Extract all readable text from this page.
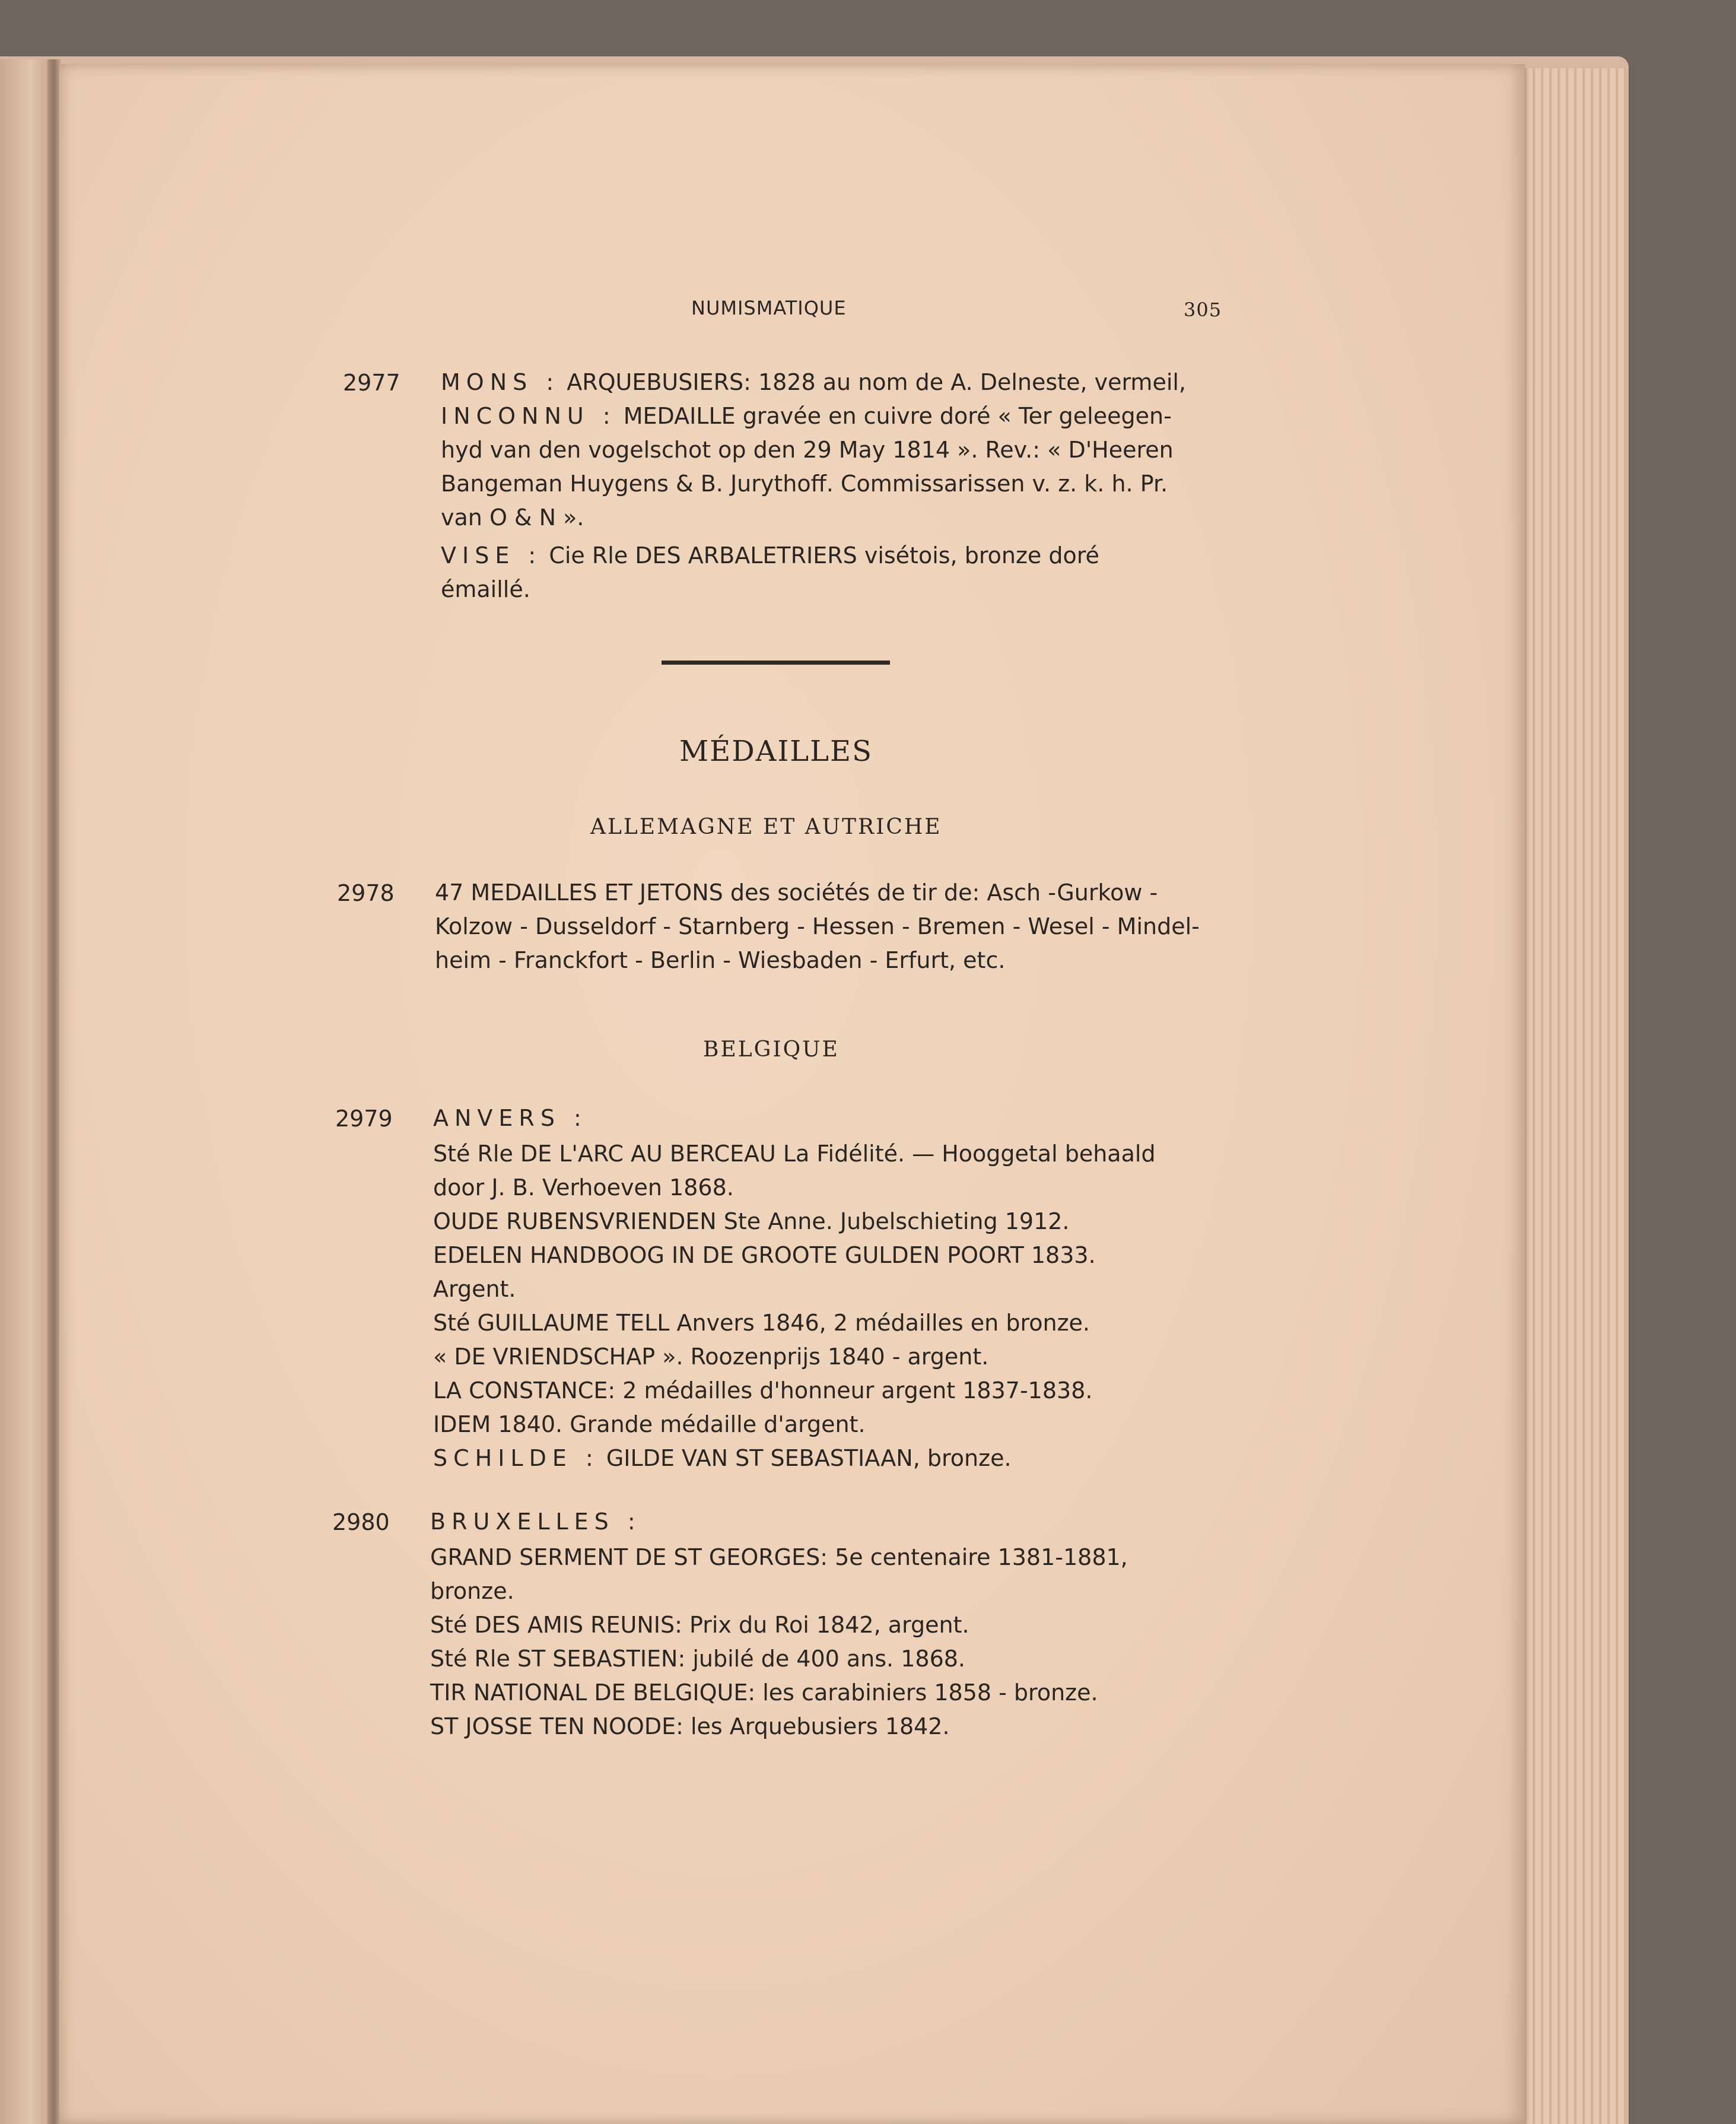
NUMISMATIQUE	305
2977 MONS : ARQUEBUSIERS: 1828 au nom de A. Delneste, vermeil,
INCONNU : MEDAILLE gravée en cuivre doré « Ter geleegen-
hyd van den vogelschot op den 29 May 1814 ». Rev.: « D'Heeren
Bangeman Huygens & B. Jurythoff. Commissarissen v. z. k. h. Pr.
van O & N ».
VISE : Cie Rle DES ARBALETRIERS visétois, bronze doré
émaillé.
MÉDAILLES
ALLEMAGNE ET AUTRICHE
2978 47 MEDAILLES ET JETONS des sociétés de tir de: Asch -Gurkow -
Kolzow - Dusseldorf - Starnberg - Hessen - Bremen - Wesel - Mindel-
heim - Franckfort - Berlin - Wiesbaden - Erfurt, etc.
BELGIQUE
2979 ANVERS :
Sté Rle DE L'ARC AU BERCEAU La Fidélité. — Hooggetal behaald
door J. B. Verhoeven 1868.
OUDE RUBENSVRIENDEN Ste Anne. Jubelschieting 1912.
EDELEN HANDBOOG IN DE GROOTE GULDEN POORT 1833.
Argent.
Sté GUILLAUME TELL Anvers 1846, 2 médailles en bronze.
« DE VRIENDSCHAP ». Roozenprijs 1840 - argent.
LA CONSTANCE: 2 médailles d'honneur argent 1837-1838.
IDEM 1840. Grande médaille d'argent.
SCHILDE : GILDE VAN ST SEBASTIAAN, bronze.
2980 BRUXELLES :
GRAND SERMENT DE ST GEORGES: 5e centenaire 1381-1881,
bronze.
Sté DES AMIS REUNIS: Prix du Roi 1842, argent.
Sté Rle ST SEBASTIEN: jubilé de 400 ans. 1868.
TIR NATIONAL DE BELGIQUE: les carabiniers 1858 - bronze.
ST JOSSE TEN NOODE: les Arquebusiers 1842.
